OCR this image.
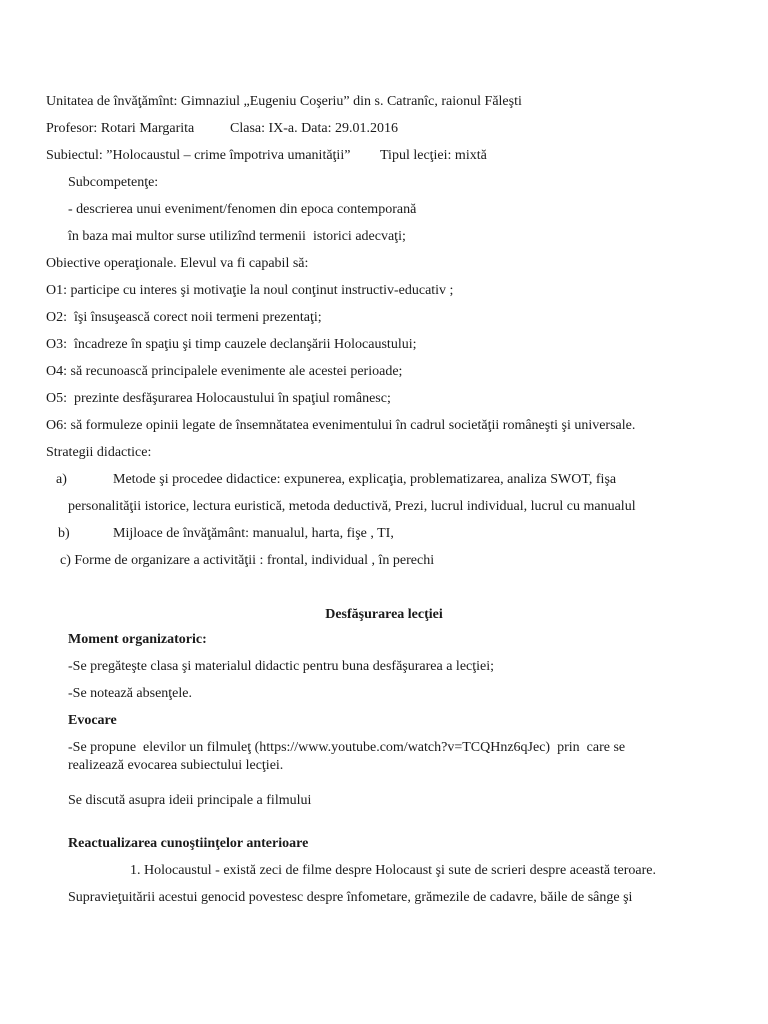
Unitatea de învăţămînt: Gimnaziul „Eugeniu Coşeriu” din s. Catranîc, raionul Făleşti
Profesor: Rotari Margarita	Clasa: IX-a. Data: 29.01.2016
Subiectul: ”Holocaustul – crime împotriva umanităţii” Tipul lecţiei: mixtă
Subcompetenţe:
- descrierea unui eveniment/fenomen din epoca contemporană
în baza mai multor surse utilizînd termenii  istorici adecvaţi;
Obiective operaţionale. Elevul va fi capabil să:
O1: participe cu interes şi motivaţie la noul conţinut instructiv-educativ ;
O2:  îşi însuşească corect noii termeni prezentaţi;
O3:  încadreze în spaţiu şi timp cauzele declanşării Holocaustului;
O4: să recunoască principalele evenimente ale acestei perioade;
O5:  prezinte desfăşurarea Holocaustului în spaţiul românesc;
O6: să formuleze opinii legate de însemnătatea evenimentului în cadrul societăţii româneşti şi universale.
Strategii didactice:
a)	Metode şi procedee didactice: expunerea, explicaţia, problematizarea, analiza SWOT, fişa
personalităţii istorice, lectura euristică, metoda deductivă, Prezi, lucrul individual, lucrul cu manualul
b)	Mijloace de învăţământ: manualul, harta, fişe , TI,
c) Forme de organizare a activităţii : frontal, individual , în perechi
Desfăşurarea lecţiei
Moment organizatoric:
-Se pregăteşte clasa şi materialul didactic pentru buna desfăşurarea a lecţiei;
-Se notează absenţele.
Evocare
-Se propune  elevilor un filmuleţ (https://www.youtube.com/watch?v=TCQHnz6qJec)  prin  care se
realizează evocarea subiectului lecţiei.
Se discută asupra ideii principale a filmului
Reactualizarea cunoştiinţelor anterioare
1. Holocaustul - există zeci de filme despre Holocaust şi sute de scrieri despre această teroare.
Supravieţuitării acestui genocid povestesc despre înfometare, grămezile de cadavre, băile de sânge şi
